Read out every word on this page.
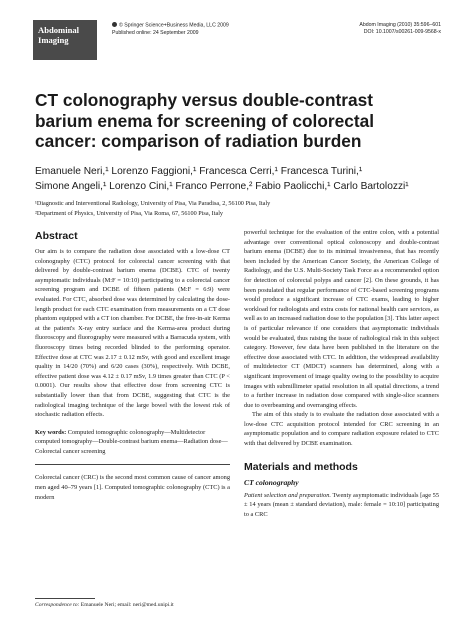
Abdominal
Imaging
© Springer Science+Business Media, LLC 2009
Published online: 24 September 2009
Abdom Imaging (2010) 35:596–601
DOI: 10.1007/s00261-009-9568-x
CT colonography versus double-contrast barium enema for screening of colorectal cancer: comparison of radiation burden
Emanuele Neri,¹ Lorenzo Faggioni,¹ Francesca Cerri,¹ Francesca Turini,¹
Simone Angeli,¹ Lorenzo Cini,¹ Franco Perrone,² Fabio Paolicchi,¹ Carlo Bartolozzi¹
¹Diagnostic and Interventional Radiology, University of Pisa, Via Paradisa, 2, 56100 Pisa, Italy
²Department of Physics, University of Pisa, Via Roma, 67, 56100 Pisa, Italy
Abstract

Our aim is to compare the radiation dose associated with a low-dose CT colonography (CTC) protocol for colorectal cancer screening with that delivered by double-contrast barium enema (DCBE). CTC of twenty asymptomatic individuals (M:F = 10:10) participating to a colorectal cancer screening program and DCBE of fifteen patients (M:F = 6:9) were evaluated. For CTC, absorbed dose was determined by calculating the dose-length product for each CTC examination from measurements on a CT dose phantom equipped with a CT ion chamber. For DCBE, the free-in-air Kerma at the patient's X-ray entry surface and the Kerma-area product during fluoroscopy and fluorography were measured with a Barracuda system, with fluoroscopy times being recorded blinded to the performing operator. Effective dose at CTC was 2.17 ± 0.12 mSv, with good and excellent image quality in 14/20 (70%) and 6/20 cases (30%), respectively. With DCBE, effective patient dose was 4.12 ± 0.17 mSv, 1.9 times greater than CTC (P < 0.0001). Our results show that effective dose from screening CTC is substantially lower than that from DCBE, suggesting that CTC is the radiological imaging technique of the large bowel with the lowest risk of stochastic radiation effects.

Key words: Computed tomographic colonography—Multidetector computed tomography—Double-contrast barium enema—Radiation dose—Colorectal cancer screening

Colorectal cancer (CRC) is the second most common cause of cancer among men aged 40–79 years [1]. Computed tomographic colonography (CTC) is a modern

Correspondence to: Emanuele Neri; email: neri@med.unipi.it

powerful technique for the evaluation of the entire colon, with a potential advantage over conventional optical colonoscopy and double-contrast barium enema (DCBE) due to its minimal invasiveness, that has recently been included by the American Cancer Society, the American College of Radiology, and the U.S. Multi-Society Task Force as a recommended option for detection of colorectal polyps and cancer [2]. On these grounds, it has been postulated that regular performance of CTC-based screening programs would produce a significant increase of CTC exams, leading to higher workload for radiologists and extra costs for national health care services, as well as to an increased radiation dose to the population [3]. This latter aspect is of particular relevance if one considers that asymptomatic individuals would be evaluated, thus raising the issue of radiological risk in this subject category. However, few data have been published in the literature on the effective dose associated with CTC. In addition, the widespread availability of multidetector CT (MDCT) scanners has determined, along with a significant improvement of image quality owing to the possibility to acquire images with submillimeter spatial resolution in all spatial directions, a trend to a further increase in radiation dose compared with single-slice scanners due to overbeaming and overranging effects.

The aim of this study is to evaluate the radiation dose associated with a low-dose CTC acquisition protocol intended for CRC screening in an asymptomatic population and to compare radiation exposure related to CTC with that delivered by DCBE examination.

Materials and methods
CT colonography

Patient selection and preparation. Twenty asymptomatic individuals [age 55 ± 14 years (mean ± standard deviation), male: female = 10:10] participating to a CRC
